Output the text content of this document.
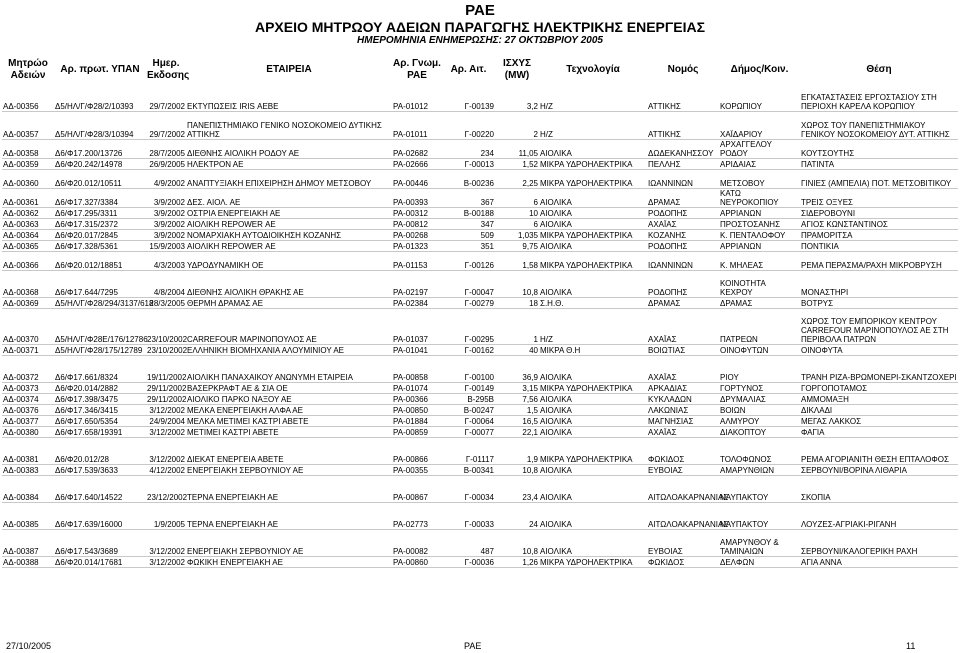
ΡΑΕ
ΑΡΧΕΙΟ ΜΗΤΡΩΟΥ ΑΔΕΙΩΝ ΠΑΡΑΓΩΓΗΣ ΗΛΕΚΤΡΙΚΗΣ ΕΝΕΡΓΕΙΑΣ
ΗΜΕΡΟΜΗΝΙΑ ΕΝΗΜΕΡΩΣΗΣ: 27 ΟΚΤΩΒΡΙΟΥ 2005
Μητρώο Αδειών	Αρ. πρωτ. ΥΠΑΝ	Ημερ. Εκδοσης	ΕΤΑΙΡΕΙΑ	Αρ. Γνωμ. ΡΑΕ	Αρ. Αιτ.	ΙΣΧΥΣ (MW)	Τεχνολογία	Νομός	Δήμος/Κοιν.	Θέση
ΑΔ-00356	Δ5/ΗΛ/Γ/Φ28/2/10393	29/7/2002	ΕΚΤΥΠΩΣΕΙΣ IRIS ΑΕΒΕ	ΡΑ-01012	Γ-00139	3,2	Η/Ζ	ΑΤΤΙΚΗΣ	ΚΟΡΩΠΙΟΥ	ΕΓΚΑΤΑΣΤΑΣΕΙΣ ΕΡΓΟΣΤΑΣΙΟΥ ΣΤΗ ΠΕΡΙΟΧΗ ΚΑΡΕΛΑ ΚΟΡΩΠΙΟΥ
ΑΔ-00357	Δ5/ΗΛ/Γ/Φ28/3/10394	29/7/2002	ΠΑΝΕΠΙΣΤΗΜΙΑΚΟ ΓΕΝΙΚΟ ΝΟΣΟΚΟΜΕΙΟ ΔΥΤΙΚΗΣ ΑΤΤΙΚΗΣ	ΡΑ-01011	Γ-00220	2	Η/Ζ	ΑΤΤΙΚΗΣ	ΧΑΪΔΑΡΙΟΥ	ΧΩΡΟΣ ΤΟΥ ΠΑΝΕΠΙΣΤΗΜΙΑΚΟΥ ΓΕΝΙΚΟΥ ΝΟΣΟΚΟΜΕΙΟΥ ΔΥΤ. ΑΤΤΙΚΗΣ
ΑΔ-00358	Δ6/Φ17.200/13726	28/7/2005	ΔΙΕΘΝΗΣ ΑΙΟΛΙΚΗ ΡΟΔΟΥ ΑΕ	ΡΑ-02682	234	11,05	ΑΙΟΛΙΚΑ	ΔΩΔΕΚΑΝΗΣΣΟΥ	ΑΡΧΑΓΓΕΛΟΥ ΡΟΔΟΥ	ΚΟΥΤΣΟΥΤΗΣ
ΑΔ-00359	Δ6/Φ20.242/14978	26/9/2005	ΗΛΕΚΤΡΟΝ ΑΕ	ΡΑ-02666	Γ-00013	1,52	ΜΙΚΡΑ ΥΔΡΟΗΛΕΚΤΡΙΚΑ	ΠΕΛΛΗΣ	ΑΡΙΔΑΙΑΣ	ΠΑΤΙΝΤΑ
ΑΔ-00360	Δ6/Φ20.012/10511	4/9/2002	ΑΝΑΠΤΥΞΙΑΚΗ ΕΠΙΧΕΙΡΗΣΗ ΔΗΜΟΥ ΜΕΤΣΟΒΟΥ	ΡΑ-00446	Β-00236	2,25	ΜΙΚΡΑ ΥΔΡΟΗΛΕΚΤΡΙΚΑ	ΙΩΑΝΝΙΝΩΝ	ΜΕΤΣΟΒΟΥ	ΓΙΝΙΕΣ (ΑΜΠΕΛΙΑ) ΠΟΤ. ΜΕΤΣΟΒΙΤΙΚΟΥ
ΑΔ-00361	Δ6/Φ17.327/3384	3/9/2002	ΔΕΣ. ΑΙΟΛ. ΑΕ	ΡΑ-00393	367	6	ΑΙΟΛΙΚΑ	ΔΡΑΜΑΣ	ΚΑΤΩ ΝΕΥΡΟΚΟΠΙΟΥ	ΤΡΕΙΣ ΟΞΥΕΣ
ΑΔ-00362	Δ6/Φ17.295/3311	3/9/2002	ΟΣΤΡΙΑ ΕΝΕΡΓΕΙΑΚΗ ΑΕ	ΡΑ-00312	Β-00188	10	ΑΙΟΛΙΚΑ	ΡΟΔΟΠΗΣ	ΑΡΡΙΑΝΩΝ	ΣΙΔΕΡΟΒΟΥΝΙ
ΑΔ-00363	Δ6/Φ17.315/2372	3/9/2002	ΑΙΟΛΙΚΗ REPOWER ΑΕ	ΡΑ-00812	347	6	ΑΙΟΛΙΚΑ	ΑΧΑΪΑΣ	ΠΡΟΣΤΟΣΑΝΗΣ	ΑΓΙΟΣ ΚΩΝΣΤΑΝΤΙΝΟΣ
ΑΔ-00364	Δ6/Φ20.017/2845	3/9/2002	ΝΟΜΑΡΧΙΑΚΗ ΑΥΤΟΔΙΟΙΚΗΣΗ ΚΟΖΑΝΗΣ	ΡΑ-00268	509	1,035	ΜΙΚΡΑ ΥΔΡΟΗΛΕΚΤΡΙΚΑ	ΚΟΖΑΝΗΣ	Κ. ΠΕΝΤΑΛΟΦΟΥ	ΠΡΑΜΟΡΙΤΣΑ
ΑΔ-00365	Δ6/Φ17.328/5361	15/9/2003	ΑΙΟΛΙΚΗ REPOWER ΑΕ	ΡΑ-01323	351	9,75	ΑΙΟΛΙΚΑ	ΡΟΔΟΠΗΣ	ΑΡΡΙΑΝΩΝ	ΠΟΝΤΙΚΙΑ

ΑΔ-00366	Δ6/Φ20.012/18851	4/3/2003	ΥΔΡΟΔΥΝΑΜΙΚΗ ΟΕ	ΡΑ-01153	Γ-00126	1,58	ΜΙΚΡΑ ΥΔΡΟΗΛΕΚΤΡΙΚΑ	ΙΩΑΝΝΙΝΩΝ	Κ. ΜΗΛΕΑΣ	ΡΕΜΑ ΠΕΡΑΣΜΑ/ΡΑΧΗ ΜΙΚΡΟΒΡΥΣΗ

ΑΔ-00368	Δ6/Φ17.644/7295	4/8/2004	ΔΙΕΘΝΗΣ ΑΙΟΛΙΚΗ ΘΡΑΚΗΣ ΑΕ	ΡΑ-02197	Γ-00047	10,8	ΑΙΟΛΙΚΑ	ΡΟΔΟΠΗΣ	ΚΟΙΝΟΤΗΤΑ ΚΕΧΡΟΥ	ΜΟΝΑΣΤΗΡΙ
ΑΔ-00369	Δ5/ΗΛ/Γ/Φ28/294/3137/618	28/3/2005	ΘΕΡΜΗ ΔΡΑΜΑΣ ΑΕ	ΡΑ-02384	Γ-00279	18	Σ.Η.Θ.	ΔΡΑΜΑΣ	ΔΡΑΜΑΣ	ΒΟΤΡΥΣ

ΑΔ-00370	Δ5/ΗΛ/Γ/Φ28Ε/176/12786	23/10/2002	CARREFOUR ΜΑΡΙΝΟΠΟΥΛΟΣ ΑΕ	ΡΑ-01037	Γ-00295	1	Η/Ζ	ΑΧΑΪΑΣ	ΠΑΤΡΕΩΝ	ΧΩΡΟΣ ΤΟΥ ΕΜΠΟΡΙΚΟΥ ΚΕΝΤΡΟΥ CARREFOUR ΜΑΡΙΝΟΠΟΥΛΟΣ ΑΕ ΣΤΗ ΠΕΡΙΒΟΛΑ ΠΑΤΡΩΝ
ΑΔ-00371	Δ5/ΗΛ/Γ/Φ28/175/12789	23/10/2002	ΕΛΛΗΝΙΚΗ ΒΙΟΜΗΧΑΝΙΑ ΑΛΟΥΜΙΝΙΟΥ ΑΕ	ΡΑ-01041	Γ-00162	40	ΜΙΚΡΑ Θ.Η	ΒΟΙΩΤΙΑΣ	ΟΙΝΟΦΥΤΩΝ	ΟΙΝΟΦΥΤΑ

ΑΔ-00372	Δ6/Φ17.661/8324	19/11/2002	ΑΙΟΛΙΚΗ ΠΑΝΑΧΑΙΚΟΥ ΑΝΩΝΥΜΗ ΕΤΑΙΡΕΙΑ	ΡΑ-00858	Γ-00100	36,9	ΑΙΟΛΙΚΑ	ΑΧΑΪΑΣ	ΡΙΟΥ	ΤΡΑΝΗ ΡΙΖΑ-ΒΡΩΜΟΝΕΡΙ-ΣΚΑΝΤΖΟΧΕΡΙ
ΑΔ-00373	Δ6/Φ20.014/2882	29/11/2002	ΒΑΣΕΡΚΡΑΦΤ ΑΕ & ΣΙΑ ΟΕ	ΡΑ-01074	Γ-00149	3,15	ΜΙΚΡΑ ΥΔΡΟΗΛΕΚΤΡΙΚΑ	ΑΡΚΑΔΙΑΣ	ΓΟΡΤΥΝΟΣ	ΓΟΡΓΟΠΟΤΑΜΟΣ
ΑΔ-00374	Δ6/Φ17.398/3475	29/11/2002	ΑΙΟΛΙΚΟ ΠΑΡΚΟ ΝΑΞΟΥ ΑΕ	ΡΑ-00366	Β-295Β	7,56	ΑΙΟΛΙΚΑ	ΚΥΚΛΑΔΩΝ	ΔΡΥΜΑΛΙΑΣ	ΑΜΜΟΜΑΞΗ
ΑΔ-00376	Δ6/Φ17.346/3415	3/12/2002	ΜΕΛΚΑ ΕΝΕΡΓΕΙΑΚΗ ΑΛΦΑ ΑΕ	ΡΑ-00850	Β-00247	1,5	ΑΙΟΛΙΚΑ	ΛΑΚΩΝΙΑΣ	ΒΟΙΩΝ	ΔΙΚΛΑΔΙ
ΑΔ-00377	Δ6/Φ17.650/5354	24/9/2004	ΜΕΛΚΑ ΜΕΤΙΜΕΙ ΚΑΣΤΡΙ ΑΒΕΤΕ	ΡΑ-01884	Γ-00064	16,5	ΑΙΟΛΙΚΑ	ΜΑΓΝΗΣΙΑΣ	ΑΛΜΥΡΟΥ	ΜΕΓΑΣ ΛΑΚΚΟΣ
ΑΔ-00380	Δ6/Φ17.658/19391	3/12/2002	ΜΕΤΙΜΕΙ ΚΑΣΤΡΙ ΑΒΕΤΕ	ΡΑ-00859	Γ-00077	22,1	ΑΙΟΛΙΚΑ	ΑΧΑΪΑΣ	ΔΙΑΚΟΠΤΟΥ	ΦΑΓΙΑ

ΑΔ-00381	Δ6/Φ20.012/28	3/12/2002	ΔΙΕΚΑΤ ΕΝΕΡΓΕΙΑ ΑΒΕΤΕ	ΡΑ-00866	Γ-01117	1,9	ΜΙΚΡΑ ΥΔΡΟΗΛΕΚΤΡΙΚΑ	ΦΩΚΙΔΟΣ	ΤΟΛΟΦΩΝΟΣ	ΡΕΜΑ ΑΓΟΡΙΑΝΙΤΗ ΘΕΣΗ ΕΠΤΑΛΟΦΟΣ
ΑΔ-00383	Δ6/Φ17.539/3633	4/12/2002	ΕΝΕΡΓΕΙΑΚΗ ΣΕΡΒΟΥΝΙΟΥ ΑΕ	ΡΑ-00355	Β-00341	10,8	ΑΙΟΛΙΚΑ	ΕΥΒΟΙΑΣ	ΑΜΑΡΥΝΘΙΩΝ	ΣΕΡΒΟΥΝΙ/ΒΟΡΙΝΑ ΛΙΘΑΡΙΑ

ΑΔ-00384	Δ6/Φ17.640/14522	23/12/2002	ΤΕΡΝΑ ΕΝΕΡΓΕΙΑΚΗ ΑΕ	ΡΑ-00867	Γ-00034	23,4	ΑΙΟΛΙΚΑ	ΑΙΤΩΛΟΑΚΑΡΝΑΝΙΑΣ	ΝΑΥΠΑΚΤΟΥ	ΣΚΟΠΙΑ

ΑΔ-00385	Δ6/Φ17.639/16000	1/9/2005	ΤΕΡΝΑ ΕΝΕΡΓΕΙΑΚΗ ΑΕ	ΡΑ-02773	Γ-00033	24	ΑΙΟΛΙΚΑ	ΑΙΤΩΛΟΑΚΑΡΝΑΝΙΑΣ	ΝΑΥΠΑΚΤΟΥ	ΛΟΥΖΕΣ-ΑΓΡΙΑΚΙ-ΡΙΓΑΝΗ

ΑΔ-00387	Δ6/Φ17.543/3689	3/12/2002	ΕΝΕΡΓΕΙΑΚΗ ΣΕΡΒΟΥΝΙΟΥ ΑΕ	ΡΑ-00082	487	10,8	ΑΙΟΛΙΚΑ	ΕΥΒΟΙΑΣ	ΑΜΑΡΥΝΘΟΥ & ΤΑΜΙΝΑΙΩΝ	ΣΕΡΒΟΥΝΙ/ΚΑΛΟΓΕΡΙΚΗ ΡΑΧΗ
ΑΔ-00388	Δ6/Φ20.014/17681	3/12/2002	ΦΩΚΙΚΗ ΕΝΕΡΓΕΙΑΚΗ ΑΕ	ΡΑ-00860	Γ-00036	1,26	ΜΙΚΡΑ ΥΔΡΟΗΛΕΚΤΡΙΚΑ	ΦΩΚΙΔΟΣ	ΔΕΛΦΩΝ	ΑΓΙΑ ΑΝΝΑ
27/10/2005	ΡΑΕ	11
